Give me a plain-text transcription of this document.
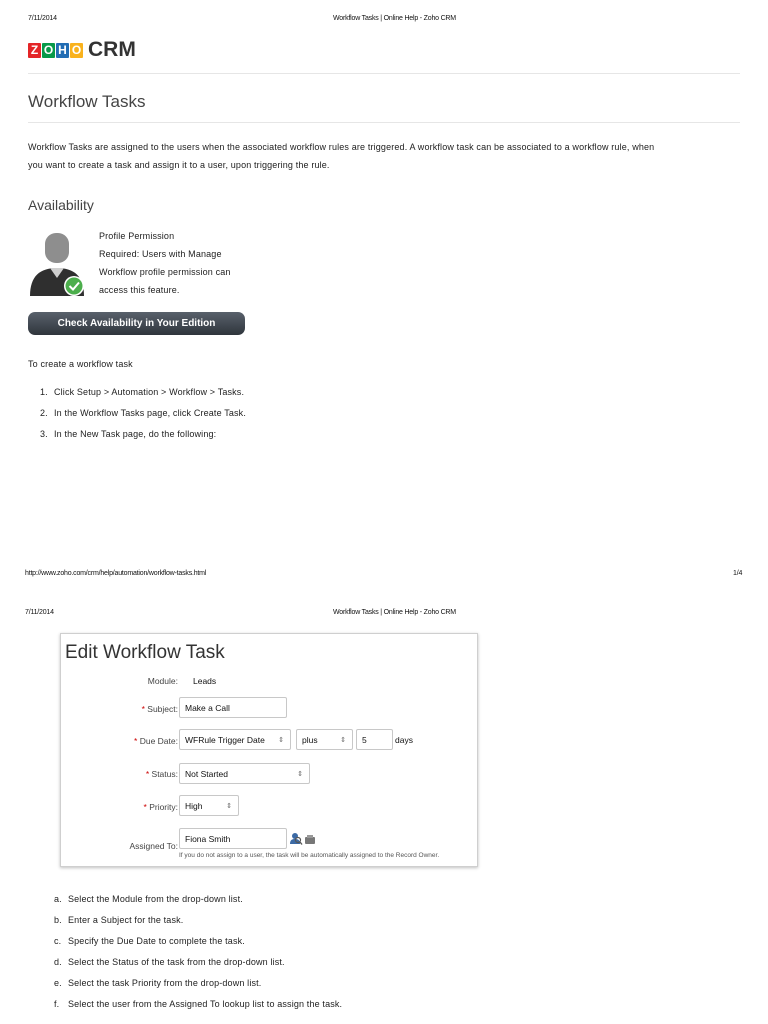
7/11/2014	Workflow Tasks | Online Help - Zoho CRM
Z O H O CRM
Workflow Tasks
Workflow Tasks are assigned to the users when the associated workflow rules are triggered. A workflow task can be associated to a workflow rule, when
you want to create a task and assign it to a user, upon triggering the rule.
Availability
Profile Permission
Required: Users with Manage
Workflow profile permission can
access this feature.
Check Availability in Your Edition
To create a workflow task
1. Click Setup > Automation > Workflow > Tasks.
2. In the Workflow Tasks page, click Create Task.
3. In the New Task page, do the following:
http://www.zoho.com/crm/help/automation/workflow-tasks.html	1/4
7/11/2014	Workflow Tasks | Online Help - Zoho CRM
Edit Workflow Task
Module: Leads
* Subject: Make a Call
* Due Date: WFRule Trigger Date ⇕ plus	⇕	5	days
* Status: Not Started	⇕
* Priority: High	⇕
Assigned To:
Fiona Smith
If you do not assign to a user, the task will be automatically assigned to the Record Owner.
a. Select the Module from the drop-down list.
b. Enter a Subject for the task.
c. Specify the Due Date to complete the task.
d. Select the Status of the task from the drop-down list.
e. Select the task Priority from the drop-down list.
f. Select the user from the Assigned To lookup list to assign the task.
